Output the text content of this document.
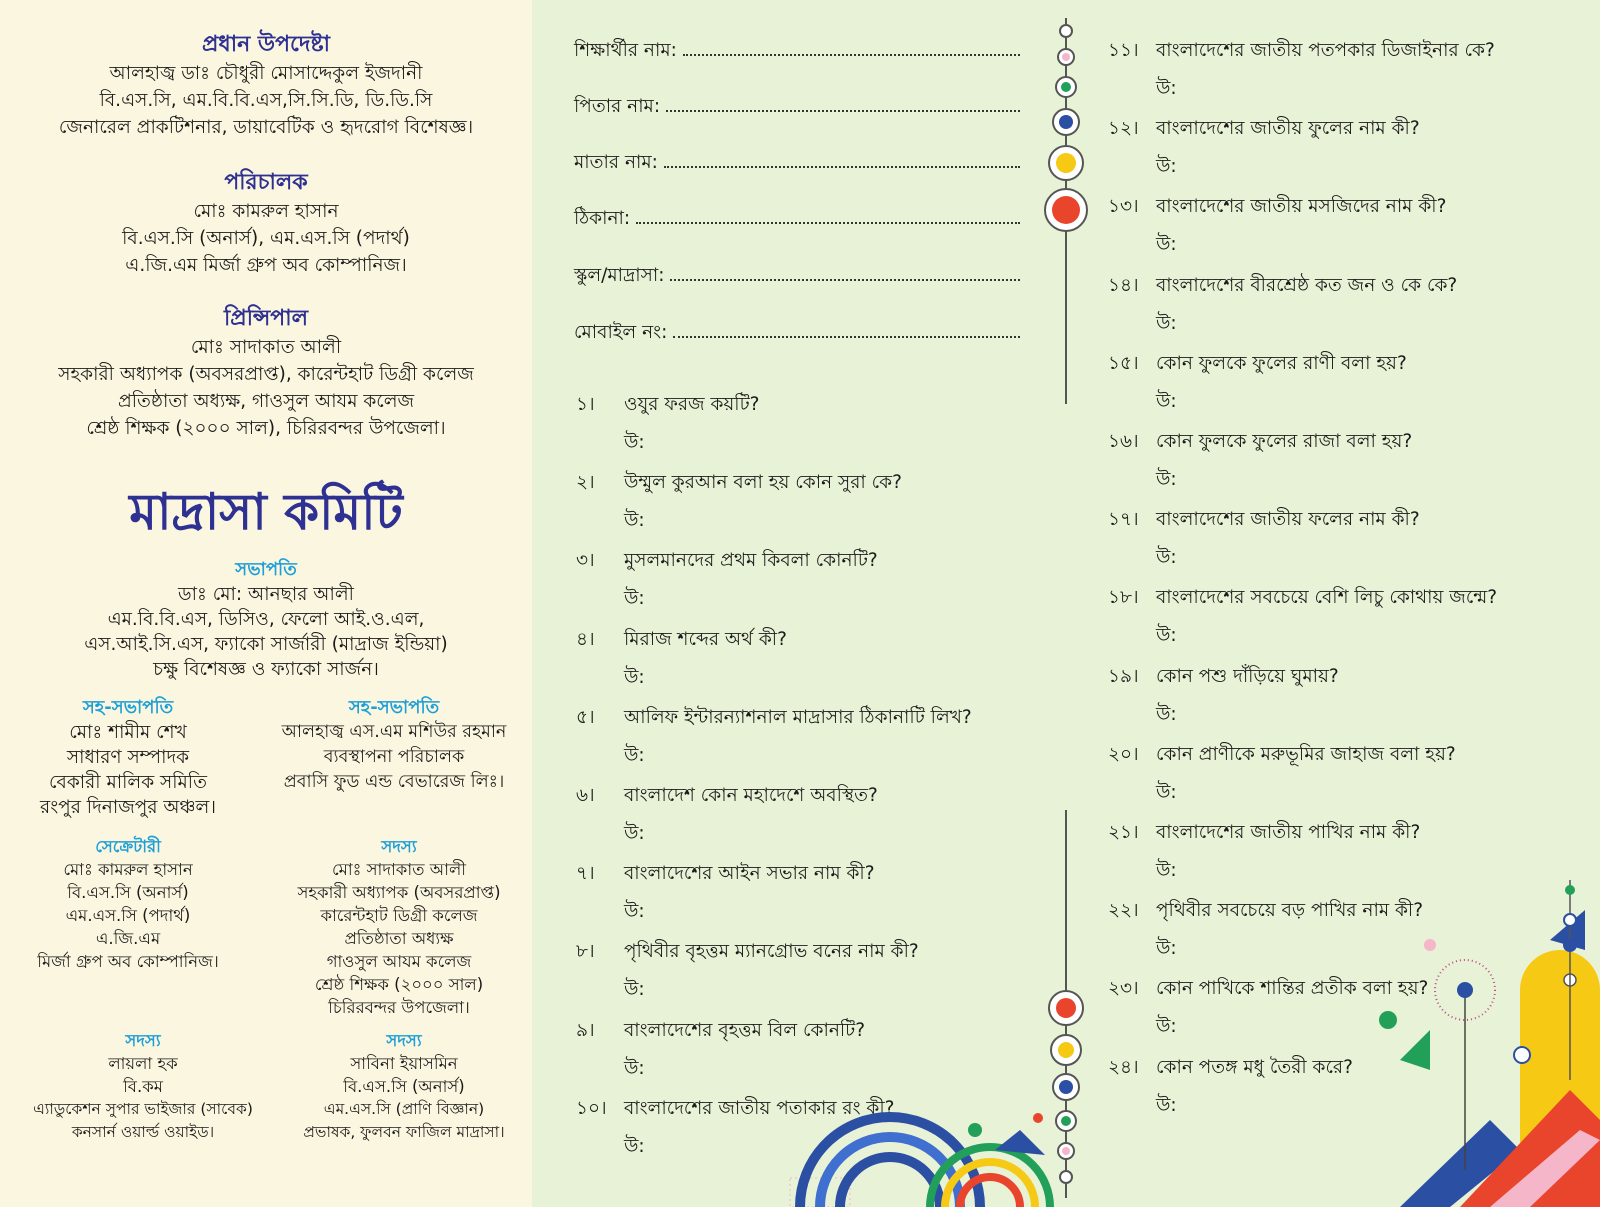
প্রধান উপদেষ্টা
আলহাজ্ব ডাঃ চৌধুরী মোসাদ্দেকুল ইজদানী
বি.এস.সি, এম.বি.বি.এস,সি.সি.ডি, ডি.ডি.সি
জেনারেল প্রাকটিশনার, ডায়াবেটিক ও হৃদরোগ বিশেষজ্ঞ।
পরিচালক
মোঃ কামরুল হাসান
বি.এস.সি (অনার্স), এম.এস.সি (পদার্থ)
এ.জি.এম মির্জা গ্রুপ অব কোম্পানিজ।
প্রিন্সিপাল
মোঃ সাদাকাত আলী
সহকারী অধ্যাপক (অবসরপ্রাপ্ত), কারেন্টহাট ডিগ্রী কলেজ
প্রতিষ্ঠাতা অধ্যক্ষ, গাওসুল আযম কলেজ
শ্রেষ্ঠ শিক্ষক (২০০০ সাল), চিরিরবন্দর উপজেলা।
মাদ্রাসা কমিটি
সভাপতি
ডাঃ মো: আনছার আলী
এম.বি.বি.এস, ডিসিও, ফেলো আই.ও.এল,
এস.আই.সি.এস, ফ্যাকো সার্জারী (মাদ্রাজ ইন্ডিয়া)
চক্ষু বিশেষজ্ঞ ও ফ্যাকো সার্জন।
সহ-সভাপতি
মোঃ শামীম শেখ
সাধারণ সম্পাদক
বেকারী মালিক সমিতি
রংপুর দিনাজপুর অঞ্চল।
সহ-সভাপতি
আলহাজ্ব এস.এম মশিউর রহমান
ব্যবস্থাপনা পরিচালক
প্রবাসি ফুড এন্ড বেভারেজ লিঃ।
সেক্রেটারী
মোঃ কামরুল হাসান
বি.এস.সি (অনার্স)
এম.এস.সি (পদার্থ)
এ.জি.এম
মির্জা গ্রুপ অব কোম্পানিজ।
সদস্য
মোঃ সাদাকাত আলী
সহকারী অধ্যাপক (অবসরপ্রাপ্ত)
কারেন্টহাট ডিগ্রী কলেজ
প্রতিষ্ঠাতা অধ্যক্ষ
গাওসুল আযম কলেজ
শ্রেষ্ঠ শিক্ষক (২০০০ সাল)
চিরিরবন্দর উপজেলা।
সদস্য
লায়লা হক
বি.কম
এ্যাডুকেশন সুপার ভাইজার (সাবেক)
কনসার্ন ওয়ার্ল্ড ওয়াইড।
সদস্য
সাবিনা ইয়াসমিন
বি.এস.সি (অনার্স)
এম.এস.সি (প্রাণি বিজ্ঞান)
প্রভাষক, ফুলবন ফাজিল মাদ্রাসা।
শিক্ষার্থীর নাম:
পিতার নাম:
মাতার নাম:
ঠিকানা:
স্কুল/মাদ্রাসা:
মোবাইল নং:
১। ওযুর ফরজ কয়টি?
উ:
২। উম্মুল কুরআন বলা হয় কোন সুরা কে?
উ:
৩। মুসলমানদের প্রথম কিবলা কোনটি?
উ:
৪। মিরাজ শব্দের অর্থ কী?
উ:
৫। আলিফ ইন্টারন্যাশনাল মাদ্রাসার ঠিকানাটি লিখ?
উ:
৬। বাংলাদেশ কোন মহাদেশে অবস্থিত?
উ:
৭। বাংলাদেশের আইন সভার নাম কী?
উ:
৮। পৃথিবীর বৃহত্তম ম্যানগ্রোভ বনের নাম কী?
উ:
৯। বাংলাদেশের বৃহত্তম বিল কোনটি?
উ:
১০। বাংলাদেশের জাতীয় পতাকার রং কী?
উ:
১১। বাংলাদেশের জাতীয় পতপকার ডিজাইনার কে?
উ:
১২। বাংলাদেশের জাতীয় ফুলের নাম কী?
উ:
১৩। বাংলাদেশের জাতীয় মসজিদের নাম কী?
উ:
১৪। বাংলাদেশের বীরশ্রেষ্ঠ কত জন ও কে কে?
উ:
১৫। কোন ফুলকে ফুলের রাণী বলা হয়?
উ:
১৬। কোন ফুলকে ফুলের রাজা বলা হয়?
উ:
১৭। বাংলাদেশের জাতীয় ফলের নাম কী?
উ:
১৮। বাংলাদেশের সবচেয়ে বেশি লিচু কোথায় জন্মে?
উ:
১৯। কোন পশু দাঁড়িয়ে ঘুমায়?
উ:
২০। কোন প্রাণীকে মরুভূমির জাহাজ বলা হয়?
উ:
২১। বাংলাদেশের জাতীয় পাখির নাম কী?
উ:
২২। পৃথিবীর সবচেয়ে বড় পাখির নাম কী?
উ:
২৩। কোন পাখিকে শান্তির প্রতীক বলা হয়?
উ:
২৪। কোন পতঙ্গ মধু তৈরী করে?
উ:
